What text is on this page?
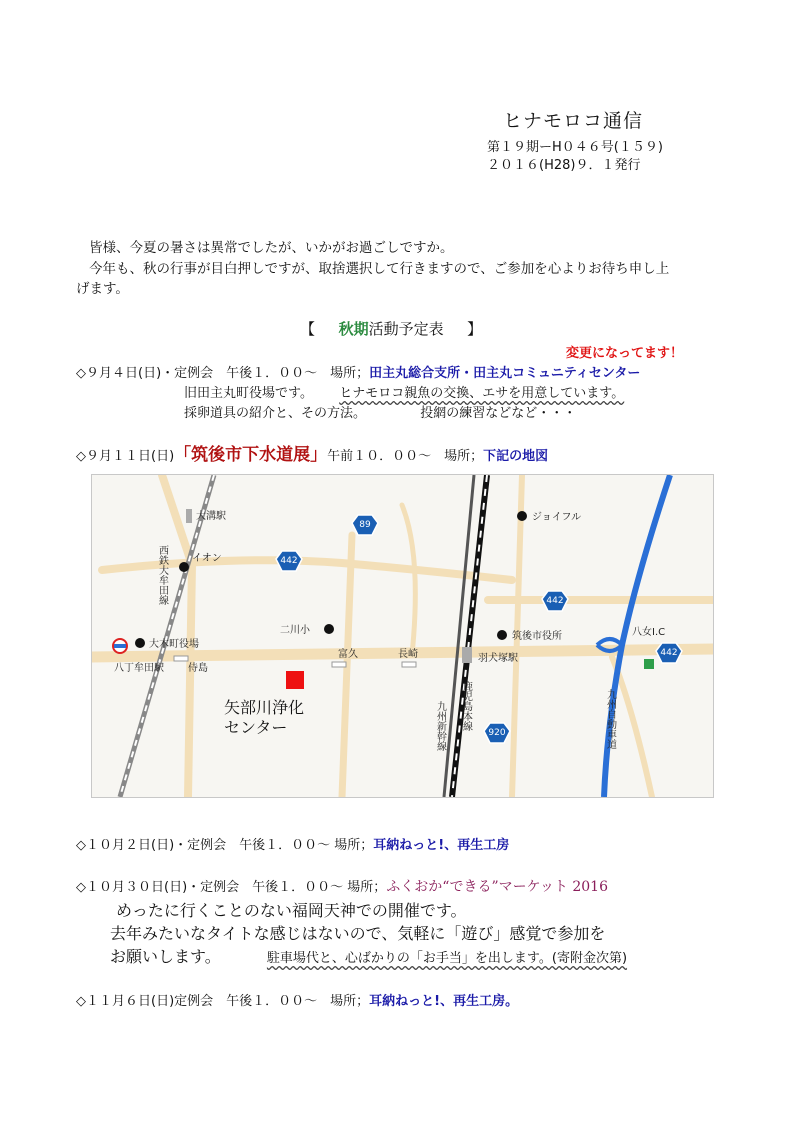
ヒナモロコ通信
第１９期ーH０４６号(１５９)
２０１６(H28)９．１発行
皆様、今夏の暑さは異常でしたが、いかがお過ごしですか。
今年も、秋の行事が目白押しですが、取捨選択して行きますので、ご参加を心よりお待ち申し上
げます。
【 秋期活動予定表 】
変更になってます！
◇９月４日(日)・定例会　午後１．００～　場所；田主丸総合支所・田主丸コミュニティセンター
旧田主丸町役場です。 ヒナモロコ親魚の交換、エサを用意しています。
採卵道具の紹介と、その方法。	投網の練習などなど・・・
◇９月１１日(日)「筑後市下水道展」午前１０．００～　場所；下記の地図
89
442
442
442
920
大溝駅
イオン
大木町役場
八丁牟田駅 侍島
二川小
富久	長崎
ジョイフル
筑後市役所
羽犬塚駅
八女I.C
西鉄大牟田線
九州自動車道
九州新幹線 鹿児島本線
矢部川浄化
センター
◇１０月２日(日)・定例会　午後１．００～ 場所；耳納ねっと!、再生工房
◇１０月３０日(日)・定例会　午後１．００～ 場所；ふくおか“できる”マーケット 2016
めったに行くことのない福岡天神での開催です。
去年みたいなタイトな感じはないので、気軽に「遊び」感覚で参加を
お願いします。	駐車場代と、心ばかりの「お手当」を出します。(寄附金次第)
◇１１月６日(日)定例会　午後１．００～　場所；耳納ねっと!、再生工房。
